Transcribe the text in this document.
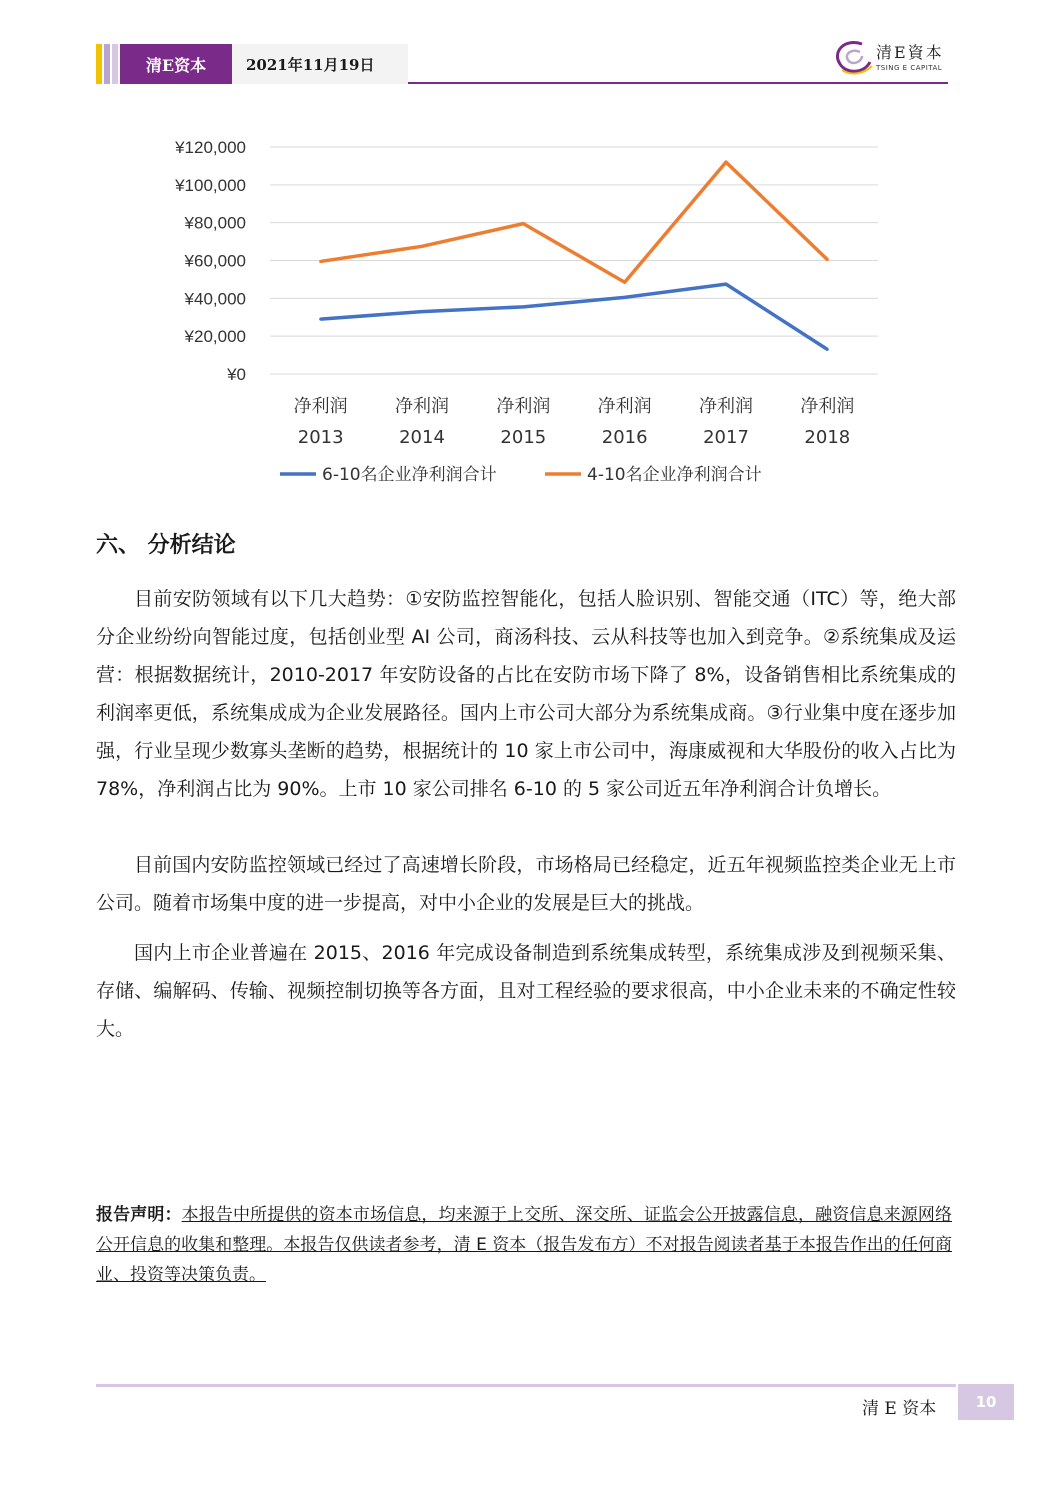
清E资本	2021年11月19日
清E資本
TSING E CAPITAL
¥0
¥20,000
¥40,000
¥60,000
¥80,000
¥100,000
¥120,000
净利润
2013
净利润
2014
净利润
2015
净利润
2016
净利润
2017
净利润
2018
6-10名企业净利润合计	4-10名企业净利润合计
六、 分析结论
目前安防领域有以下几大趋势：①安防监控智能化，包括人脸识别、智能交通（ITC）等，绝大部分企业纷纷向智能过度，包括创业型 AI 公司，商汤科技、云从科技等也加入到竞争。②系统集成及运营：根据数据统计，2010-2017 年安防设备的占比在安防市场下降了 8%，设备销售相比系统集成的利润率更低，系统集成成为企业发展路径。国内上市公司大部分为系统集成商。③行业集中度在逐步加强，行业呈现少数寡头垄断的趋势，根据统计的 10 家上市公司中，海康威视和大华股份的收入占比为 78%，净利润占比为 90%。上市 10 家公司排名 6-10 的 5 家公司近五年净利润合计负增长。
目前国内安防监控领域已经过了高速增长阶段，市场格局已经稳定，近五年视频监控类企业无上市公司。随着市场集中度的进一步提高，对中小企业的发展是巨大的挑战。
国内上市企业普遍在 2015、2016 年完成设备制造到系统集成转型，系统集成涉及到视频采集、存储、编解码、传输、视频控制切换等各方面，且对工程经验的要求很高，中小企业未来的不确定性较大。
报告声明：本报告中所提供的资本市场信息，均来源于上交所、深交所、证监会公开披露信息，融资信息来源网络公开信息的收集和整理。本报告仅供读者参考，清 E 资本（报告发布方）不对报告阅读者基于本报告作出的任何商业、投资等决策负责。
清 E 资本	10
